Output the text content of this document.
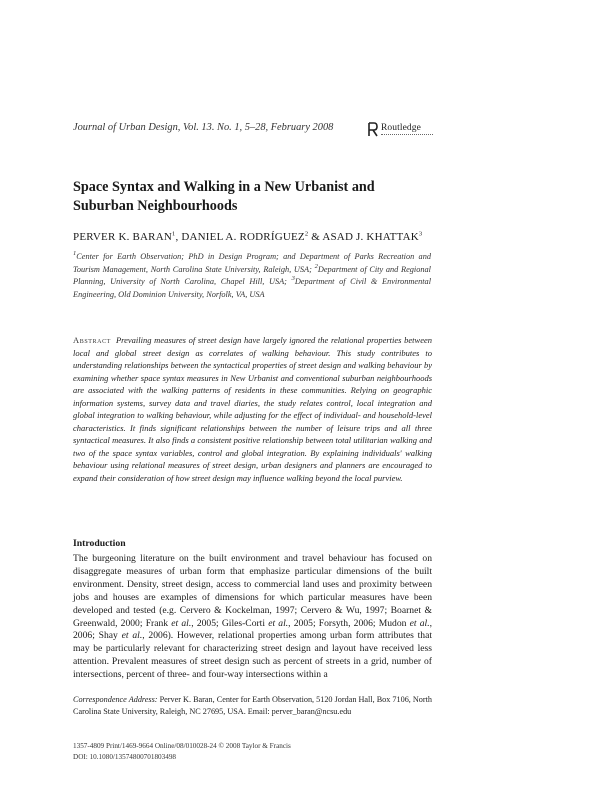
Journal of Urban Design, Vol. 13. No. 1, 5–28, February 2008	Routledge
Space Syntax and Walking in a New Urbanist and Suburban Neighbourhoods
PERVER K. BARAN$^1$, DANIEL A. RODRÍGUEZ$^2$ & ASAD J. KHATTAK$^3$
$^1$Center for Earth Observation; PhD in Design Program; and Department of Parks Recreation and Tourism Management, North Carolina State University, Raleigh, USA; $^2$Department of City and Regional Planning, University of North Carolina, Chapel Hill, USA; $^3$Department of Civil & Environmental Engineering, Old Dominion University, Norfolk, VA, USA
Abstract Prevailing measures of street design have largely ignored the relational properties between local and global street design as correlates of walking behaviour. This study contributes to understanding relationships between the syntactical properties of street design and walking behaviour by examining whether space syntax measures in New Urbanist and conventional suburban neighbourhoods are associated with the walking patterns of residents in these communities. Relying on geographic information systems, survey data and travel diaries, the study relates control, local integration and global integration to walking behaviour, while adjusting for the effect of individual- and household-level characteristics. It finds significant relationships between the number of leisure trips and all three syntactical measures. It also finds a consistent positive relationship between total utilitarian walking and two of the space syntax variables, control and global integration. By explaining individuals' walking behaviour using relational measures of street design, urban designers and planners are encouraged to expand their consideration of how street design may influence walking beyond the local purview.
Introduction
The burgeoning literature on the built environment and travel behaviour has focused on disaggregate measures of urban form that emphasize particular dimensions of the built environment. Density, street design, access to commercial land uses and proximity between jobs and houses are examples of dimensions for which particular measures have been developed and tested (e.g. Cervero & Kockelman, 1997; Cervero & Wu, 1997; Boarnet & Greenwald, 2000; Frank et al., 2005; Giles-Corti et al., 2005; Forsyth, 2006; Mudon et al., 2006; Shay et al., 2006). However, relational properties among urban form attributes that may be particularly relevant for characterizing street design and layout have received less attention. Prevalent measures of street design such as percent of streets in a grid, number of intersections, percent of three- and four-way intersections within a
Correspondence Address: Perver K. Baran, Center for Earth Observation, 5120 Jordan Hall, Box 7106, North Carolina State University, Raleigh, NC 27695, USA. Email: perver_baran@ncsu.edu
1357-4809 Print/1469-9664 Online/08/010028-24 © 2008 Taylor & Francis
DOI: 10.1080/13574800701803498
